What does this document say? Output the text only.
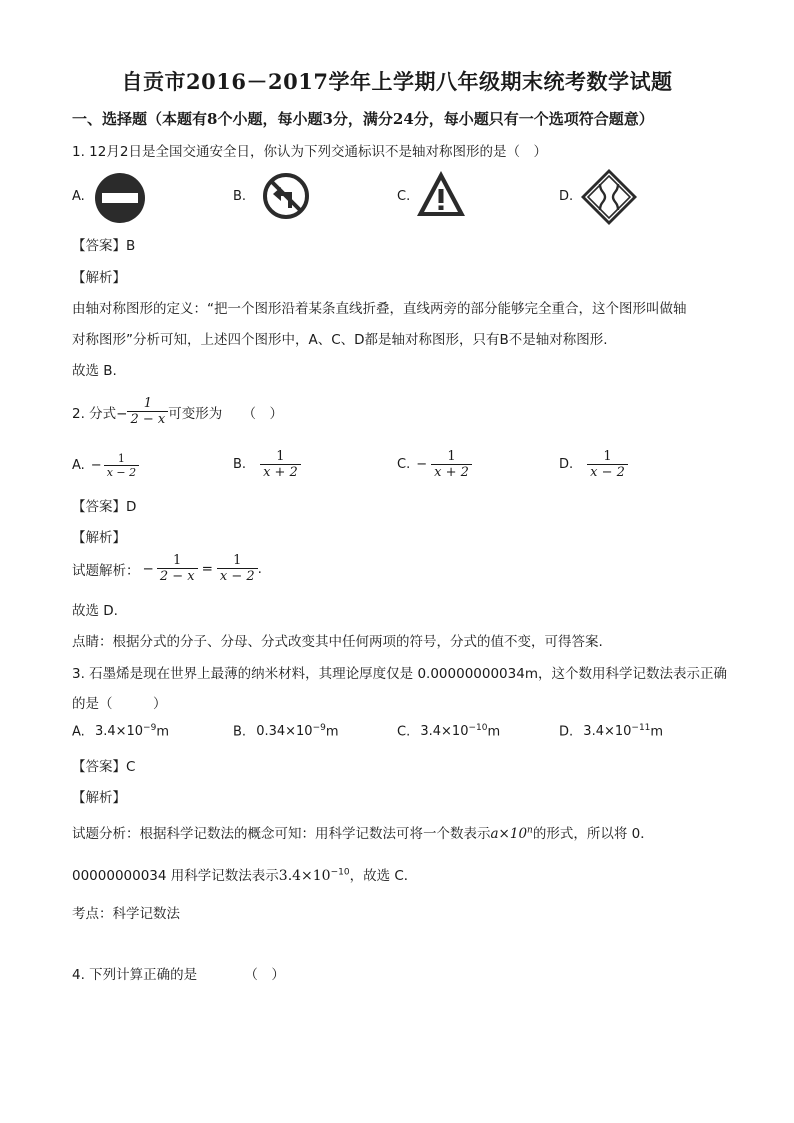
自贡市2016－2017学年上学期八年级期末统考数学试题
一、选择题（本题有8个小题，每小题3分，满分24分，每小题只有一个选项符合题意）
1. 12月2日是全国交通安全日，你认为下列交通标识不是轴对称图形的是（　）
A.	B.	C.	D.
【答案】B
【解析】
由轴对称图形的定义：“把一个图形沿着某条直线折叠，直线两旁的部分能够完全重合，这个图形叫做轴
对称图形”分析可知，上述四个图形中，A、C、D都是轴对称图形，只有B不是轴对称图形.
故选 B.
2. 分式− $\frac{1}{2 - x}$ 可变形为　　（　）
A. − $\frac{1}{x - 2}$	B. $\frac{1}{x + 2}$	C. − $\frac{1}{x + 2}$	D. $\frac{1}{x - 2}$
【答案】D
【解析】
试题解析： − $\frac{1}{2 - x} = \frac{1}{x - 2}$ .
故选 D.
点睛：根据分式的分子、分母、分式改变其中任何两项的符号，分式的值不变，可得答案.
3. 石墨烯是现在世界上最薄的纳米材料，其理论厚度仅是 0.00000000034m，这个数用科学记数法表示正确
的是（　　　）
A. $3.4\times 10^{-9}m$	B. $0.34\times 10^{-9}m$	C. $3.4\times 10^{-10}m$	D. $3.4\times 10^{-11}m$
【答案】C
【解析】
试题分析：根据科学记数法的概念可知：用科学记数法可将一个数表示$a\times 10^n$的形式，所以将 0．
00000000034 用科学记数法表示$3.4\times 10^{-10}$，故选 C．
考点：科学记数法
4. 下列计算正确的是　　　　（　）
